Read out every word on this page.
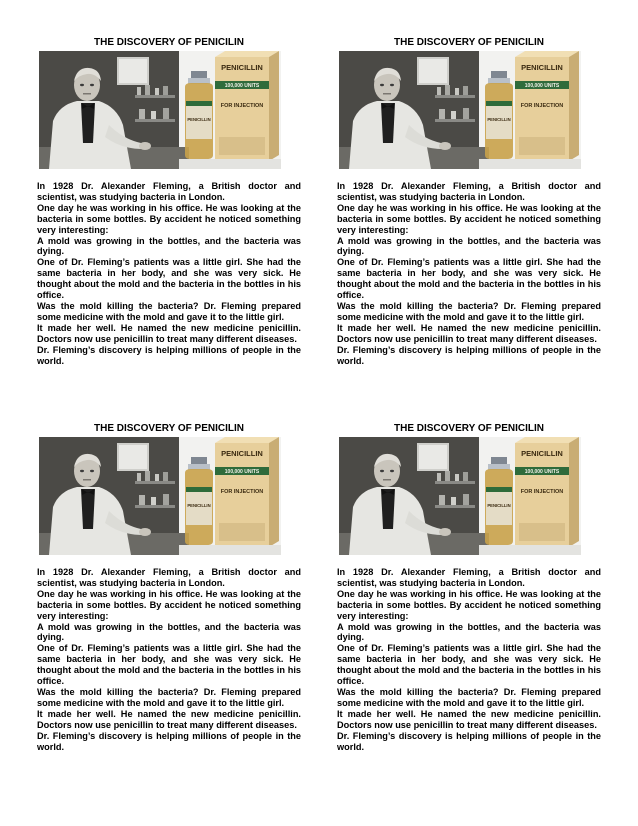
THE DISCOVERY OF PENICILIN
PENICILLIN
100,000 UNITS
FOR INJECTION
PENICILLIN

In 1928 Dr. Alexander Fleming, a British doctor and scientist, was studying bacteria in London.

One day he was working in his office. He was looking at the bacteria in some bottles. By accident he noticed something very interesting:

A mold was growing in the bottles, and the bacteria was dying.

One of Dr. Fleming’s patients was a little girl. She had the same bacteria in her body, and she was very sick. He thought about the mold and the bacteria in the bottles in his office.

Was the mold killing the bacteria? Dr. Fleming prepared some medicine with the mold and gave it to the little girl.

It made her well. He named the new medicine penicillin. Doctors now use penicillin to treat many different diseases.

Dr. Fleming’s discovery is helping millions of people in the world.

THE DISCOVERY OF PENICILIN
PENICILLIN
100,000 UNITS
FOR INJECTION
PENICILLIN

In 1928 Dr. Alexander Fleming, a British doctor and scientist, was studying bacteria in London.

One day he was working in his office. He was looking at the bacteria in some bottles. By accident he noticed something very interesting:

A mold was growing in the bottles, and the bacteria was dying.

One of Dr. Fleming’s patients was a little girl. She had the same bacteria in her body, and she was very sick. He thought about the mold and the bacteria in the bottles in his office.

Was the mold killing the bacteria? Dr. Fleming prepared some medicine with the mold and gave it to the little girl.

It made her well. He named the new medicine penicillin. Doctors now use penicillin to treat many different diseases.

Dr. Fleming’s discovery is helping millions of people in the world.

THE DISCOVERY OF PENICILIN
PENICILLIN
100,000 UNITS
FOR INJECTION
PENICILLIN

In 1928 Dr. Alexander Fleming, a British doctor and scientist, was studying bacteria in London.

One day he was working in his office. He was looking at the bacteria in some bottles. By accident he noticed something very interesting:

A mold was growing in the bottles, and the bacteria was dying.

One of Dr. Fleming’s patients was a little girl. She had the same bacteria in her body, and she was very sick. He thought about the mold and the bacteria in the bottles in his office.

Was the mold killing the bacteria? Dr. Fleming prepared some medicine with the mold and gave it to the little girl.

It made her well. He named the new medicine penicillin. Doctors now use penicillin to treat many different diseases.

Dr. Fleming’s discovery is helping millions of people in the world.

THE DISCOVERY OF PENICILIN
PENICILLIN
100,000 UNITS
FOR INJECTION
PENICILLIN

In 1928 Dr. Alexander Fleming, a British doctor and scientist, was studying bacteria in London.

One day he was working in his office. He was looking at the bacteria in some bottles. By accident he noticed something very interesting:

A mold was growing in the bottles, and the bacteria was dying.

One of Dr. Fleming’s patients was a little girl. She had the same bacteria in her body, and she was very sick. He thought about the mold and the bacteria in the bottles in his office.

Was the mold killing the bacteria? Dr. Fleming prepared some medicine with the mold and gave it to the little girl.

It made her well. He named the new medicine penicillin. Doctors now use penicillin to treat many different diseases.

Dr. Fleming’s discovery is helping millions of people in the world.
